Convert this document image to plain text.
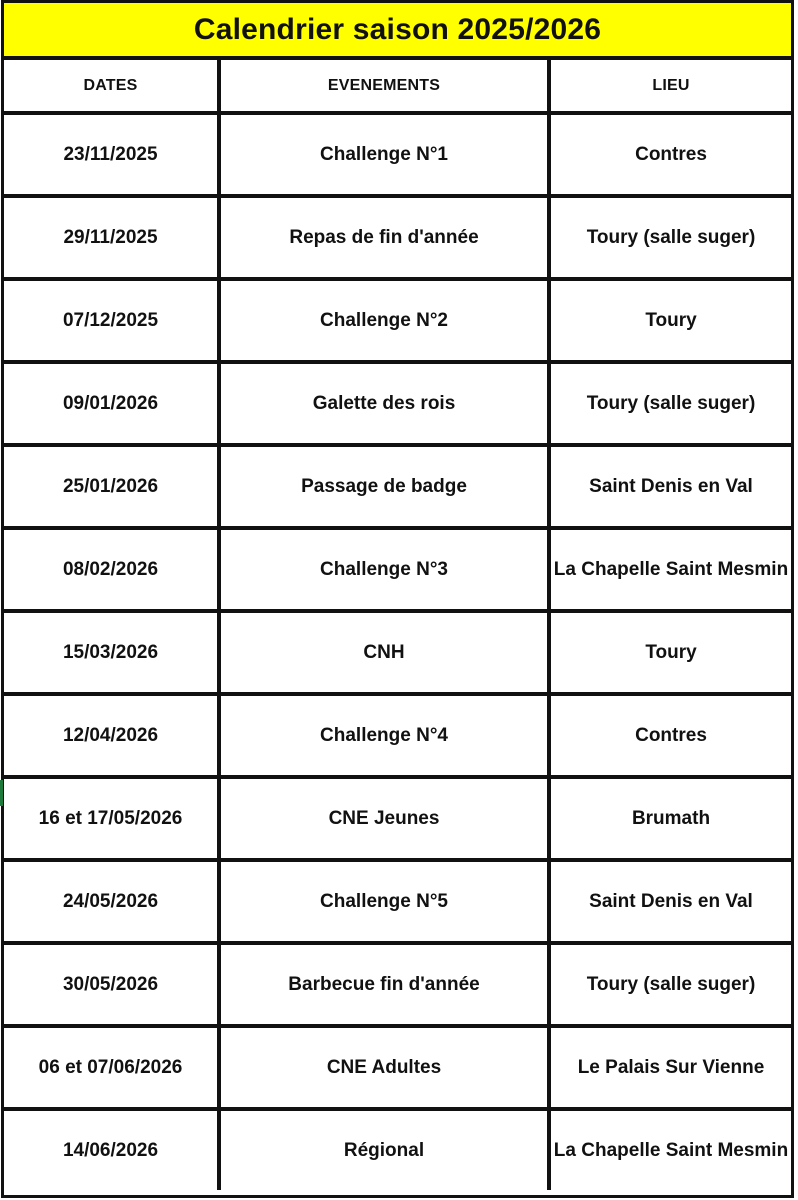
Calendrier saison 2025/2026
DATES	EVENEMENTS	LIEU
23/11/2025	Challenge N°1	Contres
29/11/2025	Repas de fin d'année	Toury (salle suger)
07/12/2025	Challenge N°2	Toury
09/01/2026	Galette des rois	Toury (salle suger)
25/01/2026	Passage de badge	Saint Denis en Val
08/02/2026	Challenge N°3	La Chapelle Saint Mesmin
15/03/2026	CNH	Toury
12/04/2026	Challenge N°4	Contres
16 et 17/05/2026	CNE Jeunes	Brumath
24/05/2026	Challenge N°5	Saint Denis en Val
30/05/2026	Barbecue fin d'année	Toury (salle suger)
06 et 07/06/2026	CNE Adultes	Le Palais Sur Vienne
14/06/2026	Régional	La Chapelle Saint Mesmin
